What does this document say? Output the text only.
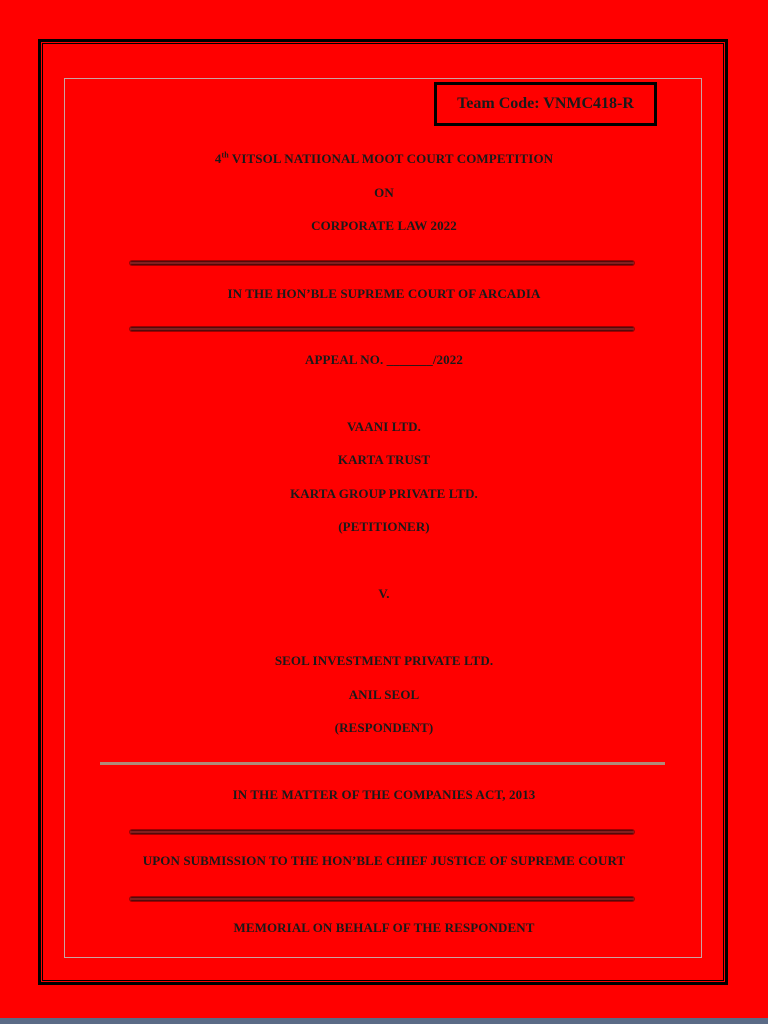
Team Code: VNMC418-R
4th VITSOL NATIIONAL MOOT COURT COMPETITION
ON
CORPORATE LAW 2022
IN THE HON’BLE SUPREME COURT OF ARCADIA
APPEAL NO. _______/2022
VAANI LTD.
KARTA TRUST
KARTA GROUP PRIVATE LTD.
(PETITIONER)
V.
SEOL INVESTMENT PRIVATE LTD.
ANIL SEOL
(RESPONDENT)
IN THE MATTER OF THE COMPANIES ACT, 2013
UPON SUBMISSION TO THE HON’BLE CHIEF JUSTICE OF SUPREME COURT
MEMORIAL ON BEHALF OF THE RESPONDENT
